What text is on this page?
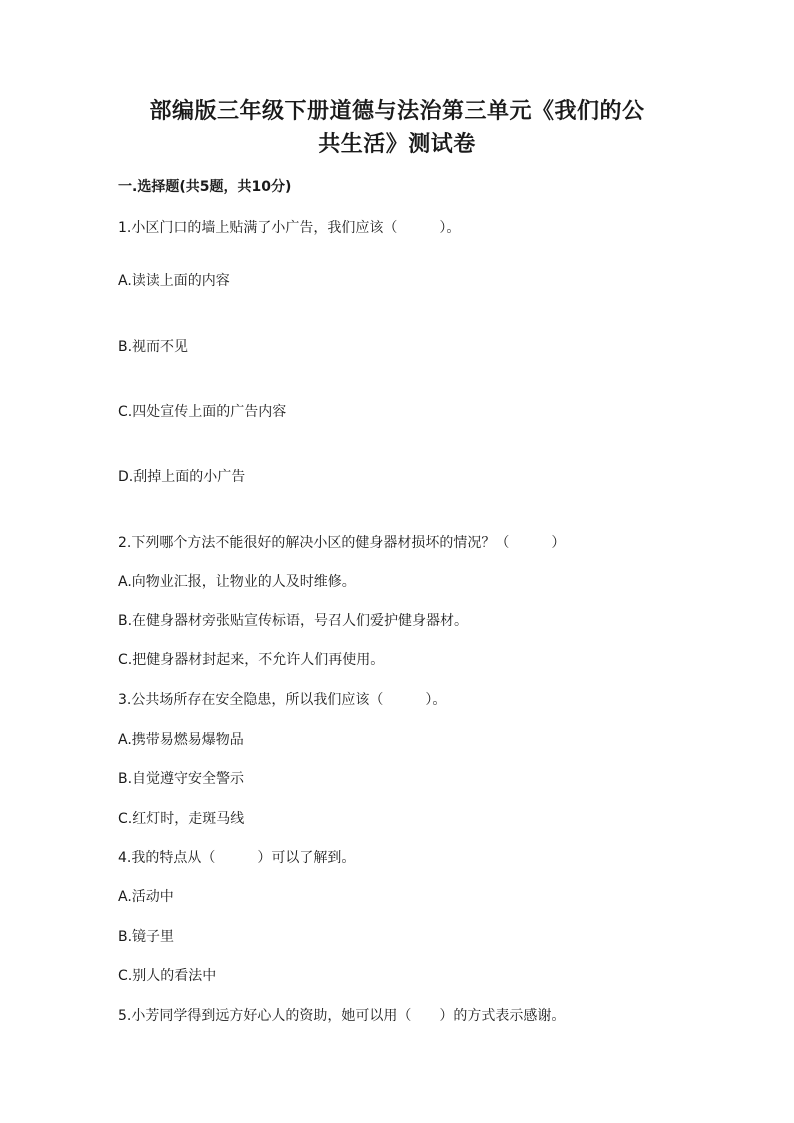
部编版三年级下册道德与法治第三单元《我们的公
共生活》测试卷
一.选择题(共5题，共10分)
1.小区门口的墙上贴满了小广告，我们应该（　　　）。
A.读读上面的内容
B.视而不见
C.四处宣传上面的广告内容
D.刮掉上面的小广告
2.下列哪个方法不能很好的解决小区的健身器材损坏的情况？（　　　）
A.向物业汇报，让物业的人及时维修。
B.在健身器材旁张贴宣传标语，号召人们爱护健身器材。
C.把健身器材封起来，不允许人们再使用。
3.公共场所存在安全隐患，所以我们应该（　　　）。
A.携带易燃易爆物品
B.自觉遵守安全警示
C.红灯时，走斑马线
4.我的特点从（　　　）可以了解到。
A.活动中
B.镜子里
C.别人的看法中
5.小芳同学得到远方好心人的资助，她可以用（　　）的方式表示感谢。
